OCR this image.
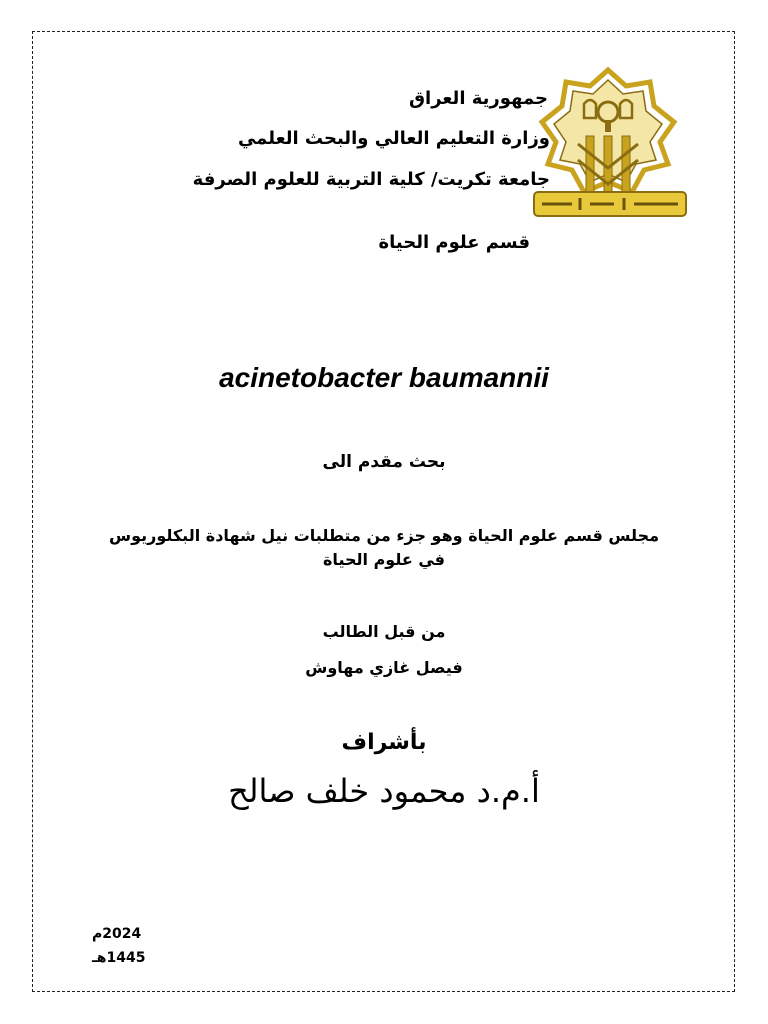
جمهورية العراق
وزارة التعليم العالي والبحث العلمي
جامعة تكريت/ كلية التربية للعلوم الصرفة
قسم علوم الحياة
acinetobacter baumannii
بحث مقدم الى
مجلس قسم علوم الحياة وهو جزء من متطلبات نيل شهادة البكلوريوس في علوم الحياة
من قبل الطالب
فيصل غازي مهاوش
بأشراف
أ.م.د محمود خلف صالح
2024م
1445هـ
